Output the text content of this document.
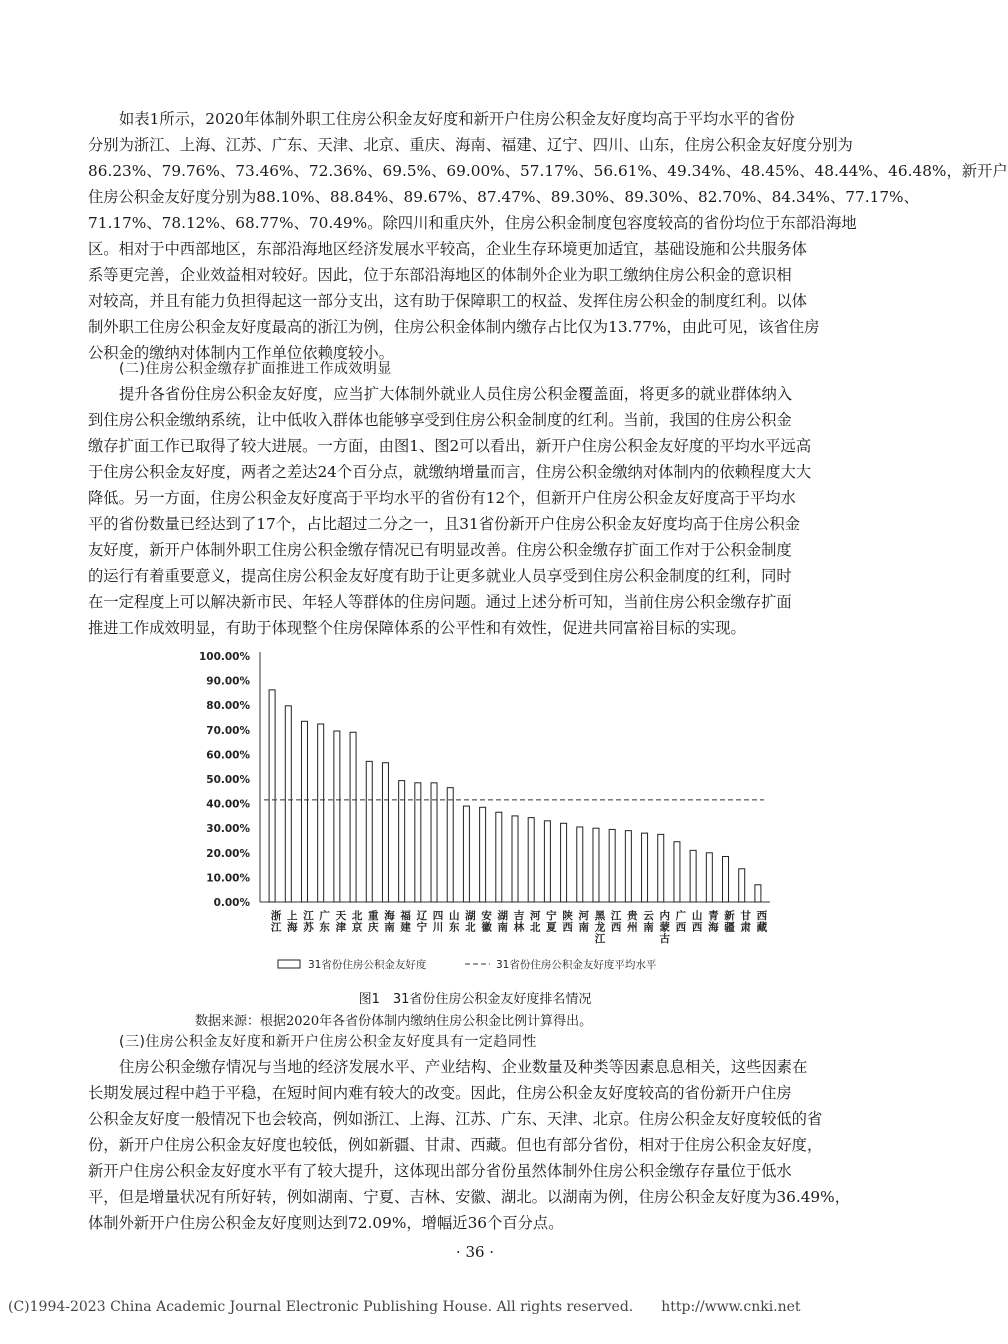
如表1所示，2020年体制外职工住房公积金友好度和新开户住房公积金友好度均高于平均水平的省份
分别为浙江、上海、江苏、广东、天津、北京、重庆、海南、福建、辽宁、四川、山东，住房公积金友好度分别为
86.23%、79.76%、73.46%、72.36%、69.5%、69.00%、57.17%、56.61%、49.34%、48.45%、48.44%、46.48%，新开户
住房公积金友好度分别为88.10%、88.84%、89.67%、87.47%、89.30%、89.30%、82.70%、84.34%、77.17%、
71.17%、78.12%、68.77%、70.49%。除四川和重庆外，住房公积金制度包容度较高的省份均位于东部沿海地
区。相对于中西部地区，东部沿海地区经济发展水平较高，企业生存环境更加适宜，基础设施和公共服务体
系等更完善，企业效益相对较好。因此，位于东部沿海地区的体制外企业为职工缴纳住房公积金的意识相
对较高，并且有能力负担得起这一部分支出，这有助于保障职工的权益、发挥住房公积金的制度红利。以体
制外职工住房公积金友好度最高的浙江为例，住房公积金体制内缴存占比仅为13.77%，由此可见，该省住房
公积金的缴纳对体制内工作单位依赖度较小。

(二)住房公积金缴存扩面推进工作成效明显

提升各省份住房公积金友好度，应当扩大体制外就业人员住房公积金覆盖面，将更多的就业群体纳入
到住房公积金缴纳系统，让中低收入群体也能够享受到住房公积金制度的红利。当前，我国的住房公积金
缴存扩面工作已取得了较大进展。一方面，由图1、图2可以看出，新开户住房公积金友好度的平均水平远高
于住房公积金友好度，两者之差达24个百分点，就缴纳增量而言，住房公积金缴纳对体制内的依赖程度大大
降低。另一方面，住房公积金友好度高于平均水平的省份有12个，但新开户住房公积金友好度高于平均水
平的省份数量已经达到了17个，占比超过二分之一，且31省份新开户住房公积金友好度均高于住房公积金
友好度，新开户体制外职工住房公积金缴存情况已有明显改善。住房公积金缴存扩面工作对于公积金制度
的运行有着重要意义，提高住房公积金友好度有助于让更多就业人员享受到住房公积金制度的红利，同时
在一定程度上可以解决新市民、年轻人等群体的住房问题。通过上述分析可知，当前住房公积金缴存扩面
推进工作成效明显，有助于体现整个住房保障体系的公平性和有效性，促进共同富裕目标的实现。
0.00%
10.00%
20.00%
30.00%
40.00%
50.00%
60.00%
70.00%
80.00%
90.00%
100.00%
浙江
上海
江苏
广东
天津
北京
重庆
海南
福建
辽宁
四川
山东
湖北
安徽
湖南
吉林
河北
宁夏
陕西
河南
黑龙江
江西
贵州
云南
内蒙古
广西
山西
青海
新疆
甘肃
西藏
31省份住房公积金友好度	31省份住房公积金友好度平均水平

图1　31省份住房公积金友好度排名情况

数据来源：根据2020年各省份体制内缴纳住房公积金比例计算得出。

(三)住房公积金友好度和新开户住房公积金友好度具有一定趋同性

住房公积金缴存情况与当地的经济发展水平、产业结构、企业数量及种类等因素息息相关，这些因素在
长期发展过程中趋于平稳，在短时间内难有较大的改变。因此，住房公积金友好度较高的省份新开户住房
公积金友好度一般情况下也会较高，例如浙江、上海、江苏、广东、天津、北京。住房公积金友好度较低的省
份，新开户住房公积金友好度也较低，例如新疆、甘肃、西藏。但也有部分省份，相对于住房公积金友好度，
新开户住房公积金友好度水平有了较大提升，这体现出部分省份虽然体制外住房公积金缴存存量位于低水
平，但是增量状况有所好转，例如湖南、宁夏、吉林、安徽、湖北。以湖南为例，住房公积金友好度为36.49%，
体制外新开户住房公积金友好度则达到72.09%，增幅近36个百分点。

· 36 ·

(C)1994-2023 China Academic Journal Electronic Publishing House. All rights reserved.　　http://www.cnki.net
